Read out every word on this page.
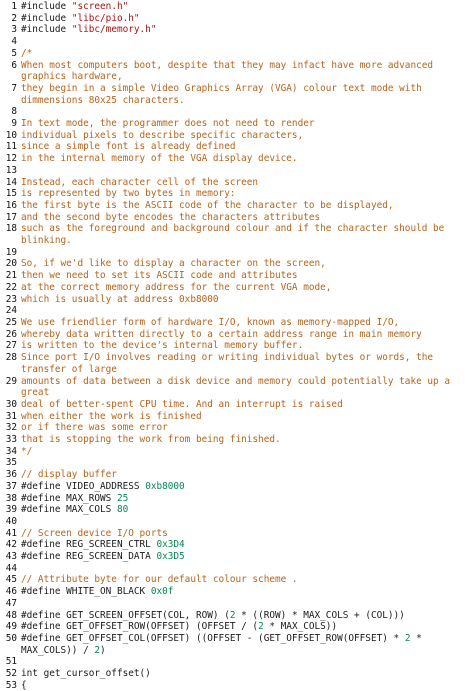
1 #include "screen.h"
2 #include "libc/pio.h"
3 #include "libc/memory.h"
4
5 /*
6 When most computers boot, despite that they may infact have more advanced graphics hardware,
7 they begin in a simple Video Graphics Array (VGA) colour text mode with dimmensions 80x25 characters.
8
9 In text mode, the programmer does not need to render
10 individual pixels to describe specific characters,
11 since a simple font is already defined
12 in the internal memory of the VGA display device.
13
14 Instead, each character cell of the screen
15 is represented by two bytes in memory:
16 the first byte is the ASCII code of the character to be displayed,
17 and the second byte encodes the characters attributes
18 such as the foreground and background colour and if the character should be blinking.
19
20 So, if we'd like to display a character on the screen,
21 then we need to set its ASCII code and attributes
22 at the correct memory address for the current VGA mode,
23 which is usually at address 0xb8000
24
25 We use friendlier form of hardware I/O, known as memory-mapped I/O,
26 whereby data written directly to a certain address range in main memory
27 is written to the device's internal memory buffer.
28 Since port I/O involves reading or writing individual bytes or words, the transfer of large
29 amounts of data between a disk device and memory could potentially take up a great
30 deal of better-spent CPU time. And an interrupt is raised
31 when either the work is finished
32 or if there was some error
33 that is stopping the work from being finished.
34 */
35
36 // display buffer
37 #define VIDEO_ADDRESS 0xb8000
38 #define MAX_ROWS 25
39 #define MAX_COLS 80
40
41 // Screen device I/O ports
42 #define REG_SCREEN_CTRL 0x3D4
43 #define REG_SCREEN_DATA 0x3D5
44
45 // Attribute byte for our default colour scheme .
46 #define WHITE_ON_BLACK 0x0f
47
48 #define GET_SCREEN_OFFSET(COL, ROW) (2 * ((ROW) * MAX_COLS + (COL)))
49 #define GET_OFFSET_ROW(OFFSET) (OFFSET / (2 * MAX_COLS))
50 #define GET_OFFSET_COL(OFFSET) ((OFFSET - (GET_OFFSET_ROW(OFFSET) * 2 * MAX_COLS)) / 2)
51
52 int get_cursor_offset()
53 {
